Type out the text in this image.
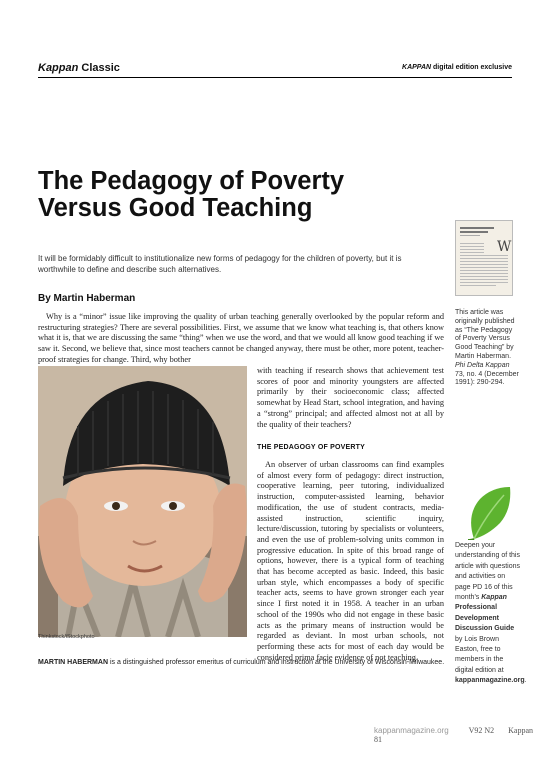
Kappan Classic	KAPPAN digital edition exclusive
The Pedagogy of Poverty
Versus Good Teaching
It will be formidably difficult to institutionalize new forms of pedagogy for the children of poverty, but it is worthwhile to define and describe such alternatives.
By Martin Haberman
Why is a “minor” issue like improving the quality of urban teaching generally overlooked by the popular reform and restructuring strategies? There are several possibilities. First, we assume that we know what teaching is, that others know what it is, that we are discussing the same “thing” when we use the word, and that we would all know good teaching if we saw it. Second, we believe that, since most teachers cannot be changed anyway, there must be other, more potent, teacher-proof strategies for change. Third, why bother
Thinkstock/iStockphoto
with teaching if research shows that achievement test scores of poor and minority youngsters are affected primarily by their socioeconomic class; affected somewhat by Head Start, school integration, and having a “strong” principal; and affected almost not at all by the quality of their teachers?
THE PEDAGOGY OF POVERTY
An observer of urban classrooms can find examples of almost every form of pedagogy: direct instruction, cooperative learning, peer tutoring, individualized instruction, computer-assisted learning, behavior modification, the use of student contracts, media-assisted instruction, scientific inquiry, lecture/discussion, tutoring by specialists or volunteers, and even the use of problem-solving units common in progressive education. In spite of this broad range of options, however, there is a typical form of teaching that has become accepted as basic. Indeed, this basic urban style, which encompasses a body of specific teacher acts, seems to have grown stronger each year since I first noted it in 1958. A teacher in an urban school of the 1990s who did not engage in these basic acts as the primary means of instruction would be regarded as deviant. In most urban schools, not performing these acts for most of each day would be considered prima facie evidence of not teaching.
MARTIN HABERMAN is a distinguished professor emeritus of curriculum and instruction at the University of Wisconsin-Milwaukee.
W
This article was originally published as “The Pedagogy of Poverty Versus Good Teaching” by Martin Haberman. Phi Delta Kappan 73, no. 4 (December 1991): 290-294.
Deepen your understanding of this article with questions and activities on page PD 16 of this month's Kappan Professional Development Discussion Guide by Lois Brown Easton, free to members in the digital edition at kappanmagazine.org.
kappanmagazine.org V92 N2 Kappan  81
